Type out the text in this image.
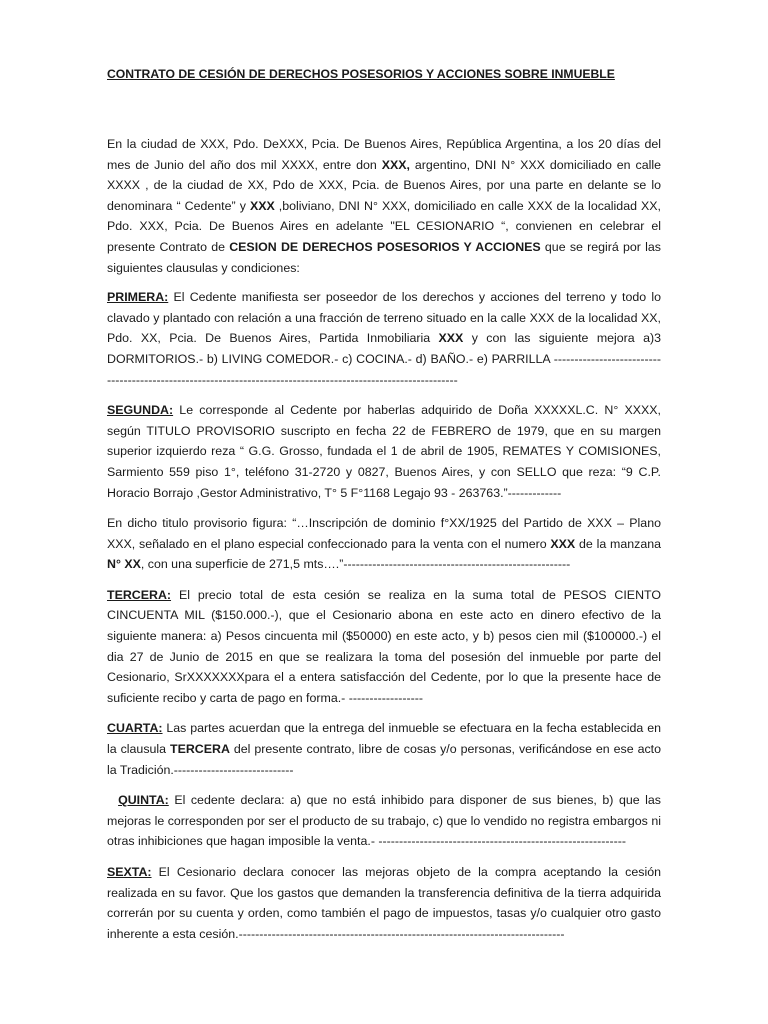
CONTRATO DE CESIÓN DE DERECHOS POSESORIOS Y ACCIONES SOBRE INMUEBLE

En la ciudad de XXX, Pdo. DeXXX, Pcia. De Buenos Aires, República Argentina, a los 20 días del mes de Junio del año dos mil XXXX, entre don XXX, argentino, DNI N° XXX domiciliado en calle XXXX , de la ciudad de XX, Pdo de XXX, Pcia. de Buenos Aires, por una parte en delante se lo denominara “ Cedente” y XXX ,boliviano, DNI N° XXX, domiciliado en calle XXX de la localidad XX, Pdo. XXX, Pcia. De Buenos Aires en adelante "EL CESIONARIO “, convienen en celebrar el presente Contrato de CESION DE DERECHOS POSESORIOS Y ACCIONES que se regirá por las siguientes clausulas y condiciones:

PRIMERA: El Cedente manifiesta ser poseedor de los derechos y acciones del terreno y todo lo clavado y plantado con relación a una fracción de terreno situado en la calle XXX de la localidad XX, Pdo. XX, Pcia. De Buenos Aires, Partida Inmobiliaria XXX y con las siguiente mejora a)3 DORMITORIOS.- b) LIVING COMEDOR.- c) COCINA.- d) BAÑO.- e) PARRILLA ---------------------------------------------------------------------------------------------------------------

SEGUNDA: Le corresponde al Cedente por haberlas adquirido de Doña XXXXXL.C. N° XXXX, según TITULO PROVISORIO suscripto en fecha 22 de FEBRERO de 1979, que en su margen superior izquierdo reza “ G.G. Grosso, fundada el 1 de abril de 1905, REMATES Y COMISIONES, Sarmiento 559 piso 1°, teléfono 31-2720 y 0827, Buenos Aires, y con SELLO que reza: “9 C.P. Horacio Borrajo ,Gestor Administrativo, T° 5 F°1168 Legajo 93 - 263763.”-------------

En dicho titulo provisorio figura: “…Inscripción de dominio f°XX/1925 del Partido de XXX – Plano XXX, señalado en el plano especial confeccionado para la venta con el numero XXX de la manzana N° XX, con una superficie de 271,5 mts….”-------------------------------------------------------

TERCERA: El precio total de esta cesión se realiza en la suma total de PESOS CIENTO CINCUENTA MIL ($150.000.-), que el Cesionario abona en este acto en dinero efectivo de la siguiente manera: a) Pesos cincuenta mil ($50000) en este acto, y b) pesos cien mil ($100000.-) el dia 27 de Junio de 2015 en que se realizara la toma del posesión del inmueble por parte del Cesionario, SrXXXXXXXpara el a entera satisfacción del Cedente, por lo que la presente hace de suficiente recibo y carta de pago en forma.- ------------------

CUARTA: Las partes acuerdan que la entrega del inmueble se efectuara en la fecha establecida en la clausula TERCERA del presente contrato, libre de cosas y/o personas, verificándose en ese acto la Tradición.-----------------------------

QUINTA: El cedente declara: a) que no está inhibido para disponer de sus bienes, b) que las mejoras le corresponden por ser el producto de su trabajo, c) que lo vendido no registra embargos ni otras inhibiciones que hagan imposible la venta.- ------------------------------------------------------------

SEXTA: El Cesionario declara conocer las mejoras objeto de la compra aceptando la cesión realizada en su favor. Que los gastos que demanden la transferencia definitiva de la tierra adquirida correrán por su cuenta y orden, como también el pago de impuestos, tasas y/o cualquier otro gasto inherente a esta cesión.-------------------------------------------------------------------------------
